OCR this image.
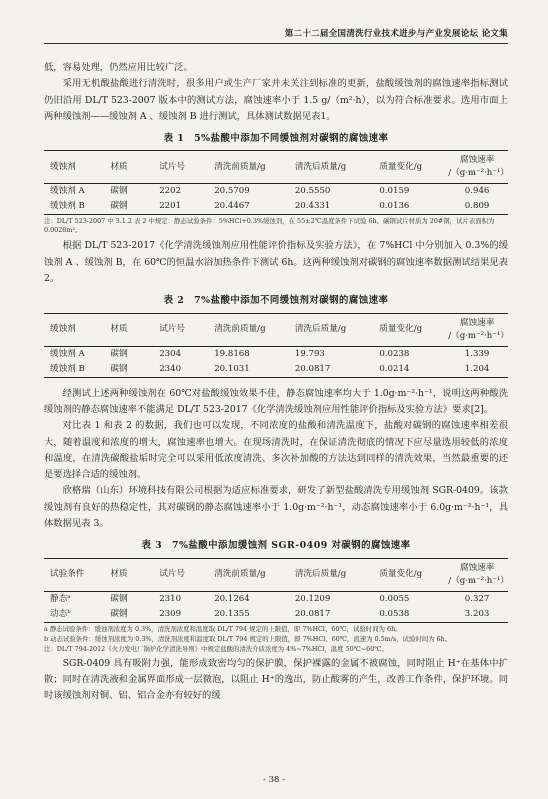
第二十二届全国清洗行业技术进步与产业发展论坛 论文集

低，容易处理，仍然应用比较广泛。

采用无机酸盐酸进行清洗时，很多用户或生产厂家并未关注到标准的更新，盐酸缓蚀剂的腐蚀速率指标测试仍旧沿用 DL/T 523-2007 版本中的测试方法，腐蚀速率小于 1.5 g/（m²·h），以为符合标准要求。选用市面上两种缓蚀剂——缓蚀剂 A 、缓蚀剂 B 进行测试，具体测试数据见表1。

表 1　5%盐酸中添加不同缓蚀剂对碳钢的腐蚀速率
缓蚀剂	材质	试片号	清洗前质量/g	清洗后质量/g	质量变化/g	腐蚀速率
/（g·m⁻²·h⁻¹）
缓蚀剂 A	碳钢	2202	20.5709	20.5550	0.0159	0.946
缓蚀剂 B	碳钢	2201	20.4467	20.4331	0.0136	0.809
注：DL/T 523-2007 中 3.1.2 表 2 中规定：静态试验条件：5%HCl+0.3%缓蚀剂，在 55±2℃温度条件下试验 6h。碳钢试片材质为 20#钢，试片表面积为 0.0028m²。

根据 DL/T 523-2017《化学清洗缓蚀剂应用性能评价指标及实验方法》，在 7%HCl 中分别加入 0.3%的缓蚀剂 A 、缓蚀剂 B，在 60℃的恒温水浴加热条件下测试 6h。这两种缓蚀剂对碳钢的腐蚀速率数据测试结果见表 2。

表 2　7%盐酸中添加不同缓蚀剂对碳钢的腐蚀速率
缓蚀剂	材质	试片号	清洗前质量/g	清洗后质量/g	质量变化/g	腐蚀速率
/（g·m⁻²·h⁻¹）
缓蚀剂 A	碳钢	2304	19.8168	19.793	0.0238	1.339
缓蚀剂 B	碳钢	2340	20.1031	20.0817	0.0214	1.204

经测试上述两种缓蚀剂在 60℃对盐酸缓蚀效果不佳，静态腐蚀速率均大于 1.0g·m⁻²·h⁻¹，说明这两种酸洗缓蚀剂的静态腐蚀速率不能满足 DL/T 523-2017《化学清洗缓蚀剂应用性能评价指标及实验方法》要求[2]。

对比表 1 和表 2 的数据，我们也可以发现，不同浓度的盐酸和清洗温度下，盐酸对碳钢的腐蚀速率相差很大，随着温度和浓度的增大，腐蚀速率也增大。在现场清洗时，在保证清洗彻底的情况下应尽量选用较低的浓度和温度，在清洗碳酸盐垢时完全可以采用低浓度清洗、多次补加酸的方法达到同样的清洗效果，当然最重要的还是要选择合适的缓蚀剂。

欣格瑞（山东）环境科技有限公司根据为适应标准要求，研发了新型盐酸清洗专用缓蚀剂 SGR-0409。该款缓蚀剂有良好的热稳定性，其对碳钢的静态腐蚀速率小于 1.0g·m⁻²·h⁻¹，动态腐蚀速率小于 6.0g·m⁻²·h⁻¹，具体数据见表 3。

表 3　7%盐酸中添加缓蚀剂 SGR-0409 对碳钢的腐蚀速率
试验条件	材质	试片号	清洗前质量/g	清洗后质量/g	质量变化/g	腐蚀速率
/（g·m⁻²·h⁻¹）
静态ᵃ	碳钢	2310	20.1264	20.1209	0.0055	0.327
动态ᵇ	碳钢	2309	20.1355	20.0817	0.0538	3.203
a 静态试验条件：缓蚀剂浓度为 0.3%，清洗剂浓度和温度取 DL/T 794 规定的上限值，即 7%HCl、60℃，试验时间为 6h。
b 动态试验条件：缓蚀剂浓度为 0.3%，清洗剂浓度和温度取 DL/T 794 规定的上限值，即 7%HCl、60℃，流速为 0.5m/s，试验时间为 6h。
注：DL/T 794-2012《火力发电厂锅炉化学清洗导则》中规定盐酸的清洗介质浓度为 4%~7%HCl，温度 50℃~60℃。

SGR-0409 具有吸附力强，能形成致密均匀的保护膜，保护裸露的金属不被腐蚀，同时阻止 H⁺在基体中扩散；同时在清洗液和金属界面形成一层微泡，以阻止 H⁺的逸出，防止酸雾的产生，改善工作条件，保护环境。同时该缓蚀剂对铜、铝、铝合金亦有较好的缓

- 38 -
